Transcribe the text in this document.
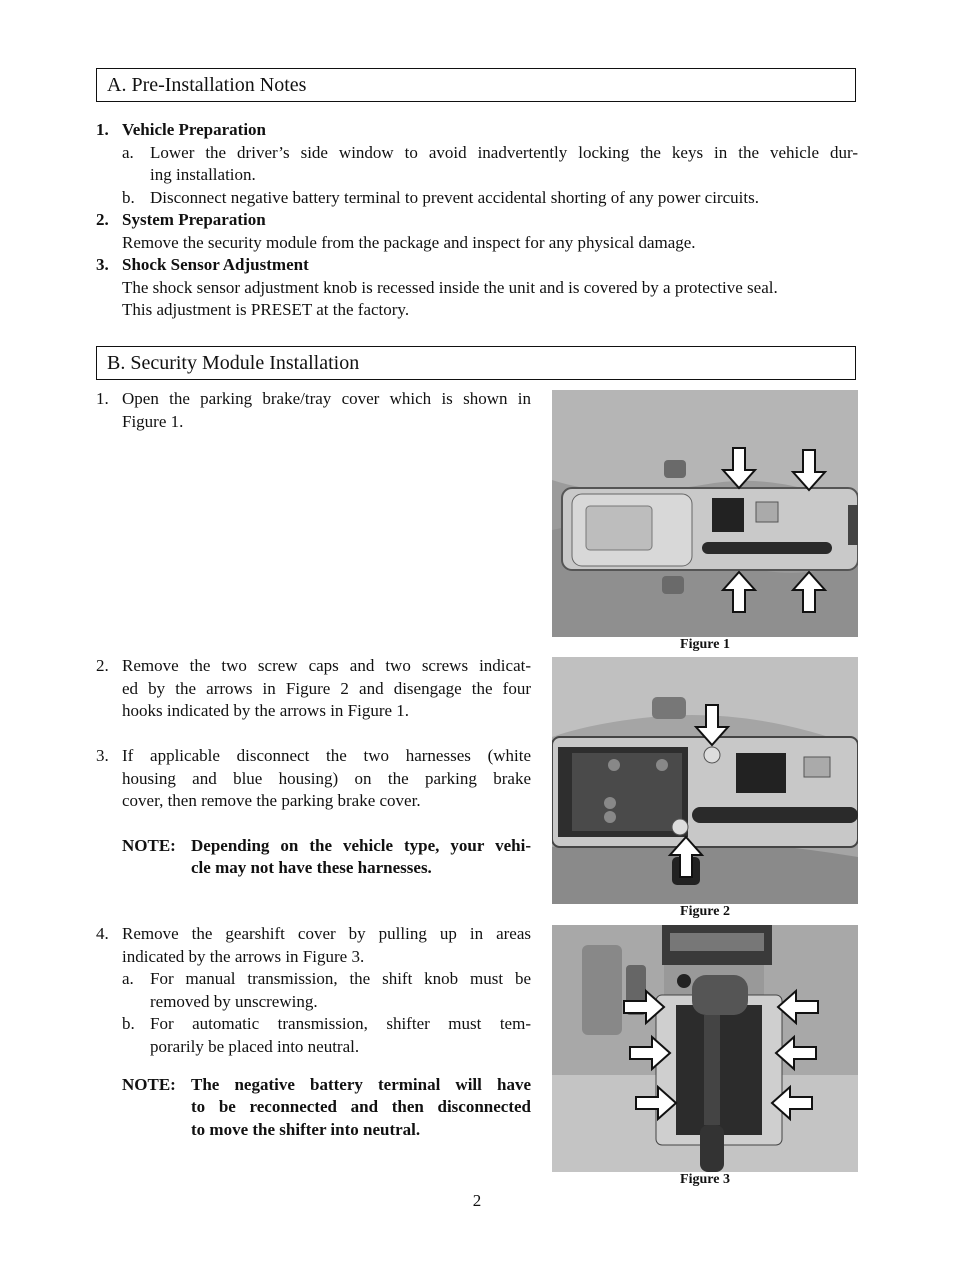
A. Pre-Installation Notes
1. Vehicle Preparation
a. Lower the driver’s side window to avoid inadvertently locking the keys in the vehicle dur-
ing installation.
b. Disconnect negative battery terminal to prevent accidental shorting of any power circuits.
2. System Preparation
Remove the security module from the package and inspect for any physical damage.
3. Shock Sensor Adjustment
The shock sensor adjustment knob is recessed inside the unit and is covered by a protective seal.
This adjustment is PRESET at the factory.
B. Security Module Installation
1. Open the parking brake/tray cover which is shown in
Figure 1.
2. Remove the two screw caps and two screws indicat-
ed by the arrows in Figure 2 and disengage the four
hooks indicated by the arrows in Figure 1.
3. If applicable disconnect the two harnesses (white
housing and blue housing) on the parking brake
cover, then remove the parking brake cover.
NOTE: Depending on the vehicle type, your vehi-
cle may not have these harnesses.
4. Remove the gearshift cover by pulling up in areas
indicated by the arrows in Figure 3.
a. For manual transmission, the shift knob must be
removed by unscrewing.
b. For automatic transmission, shifter must tem-
porarily be placed into neutral.
NOTE: The negative battery terminal will have
to be reconnected and then disconnected
to move the shifter into neutral.
Figure 1
Figure 2
Figure 3
2
